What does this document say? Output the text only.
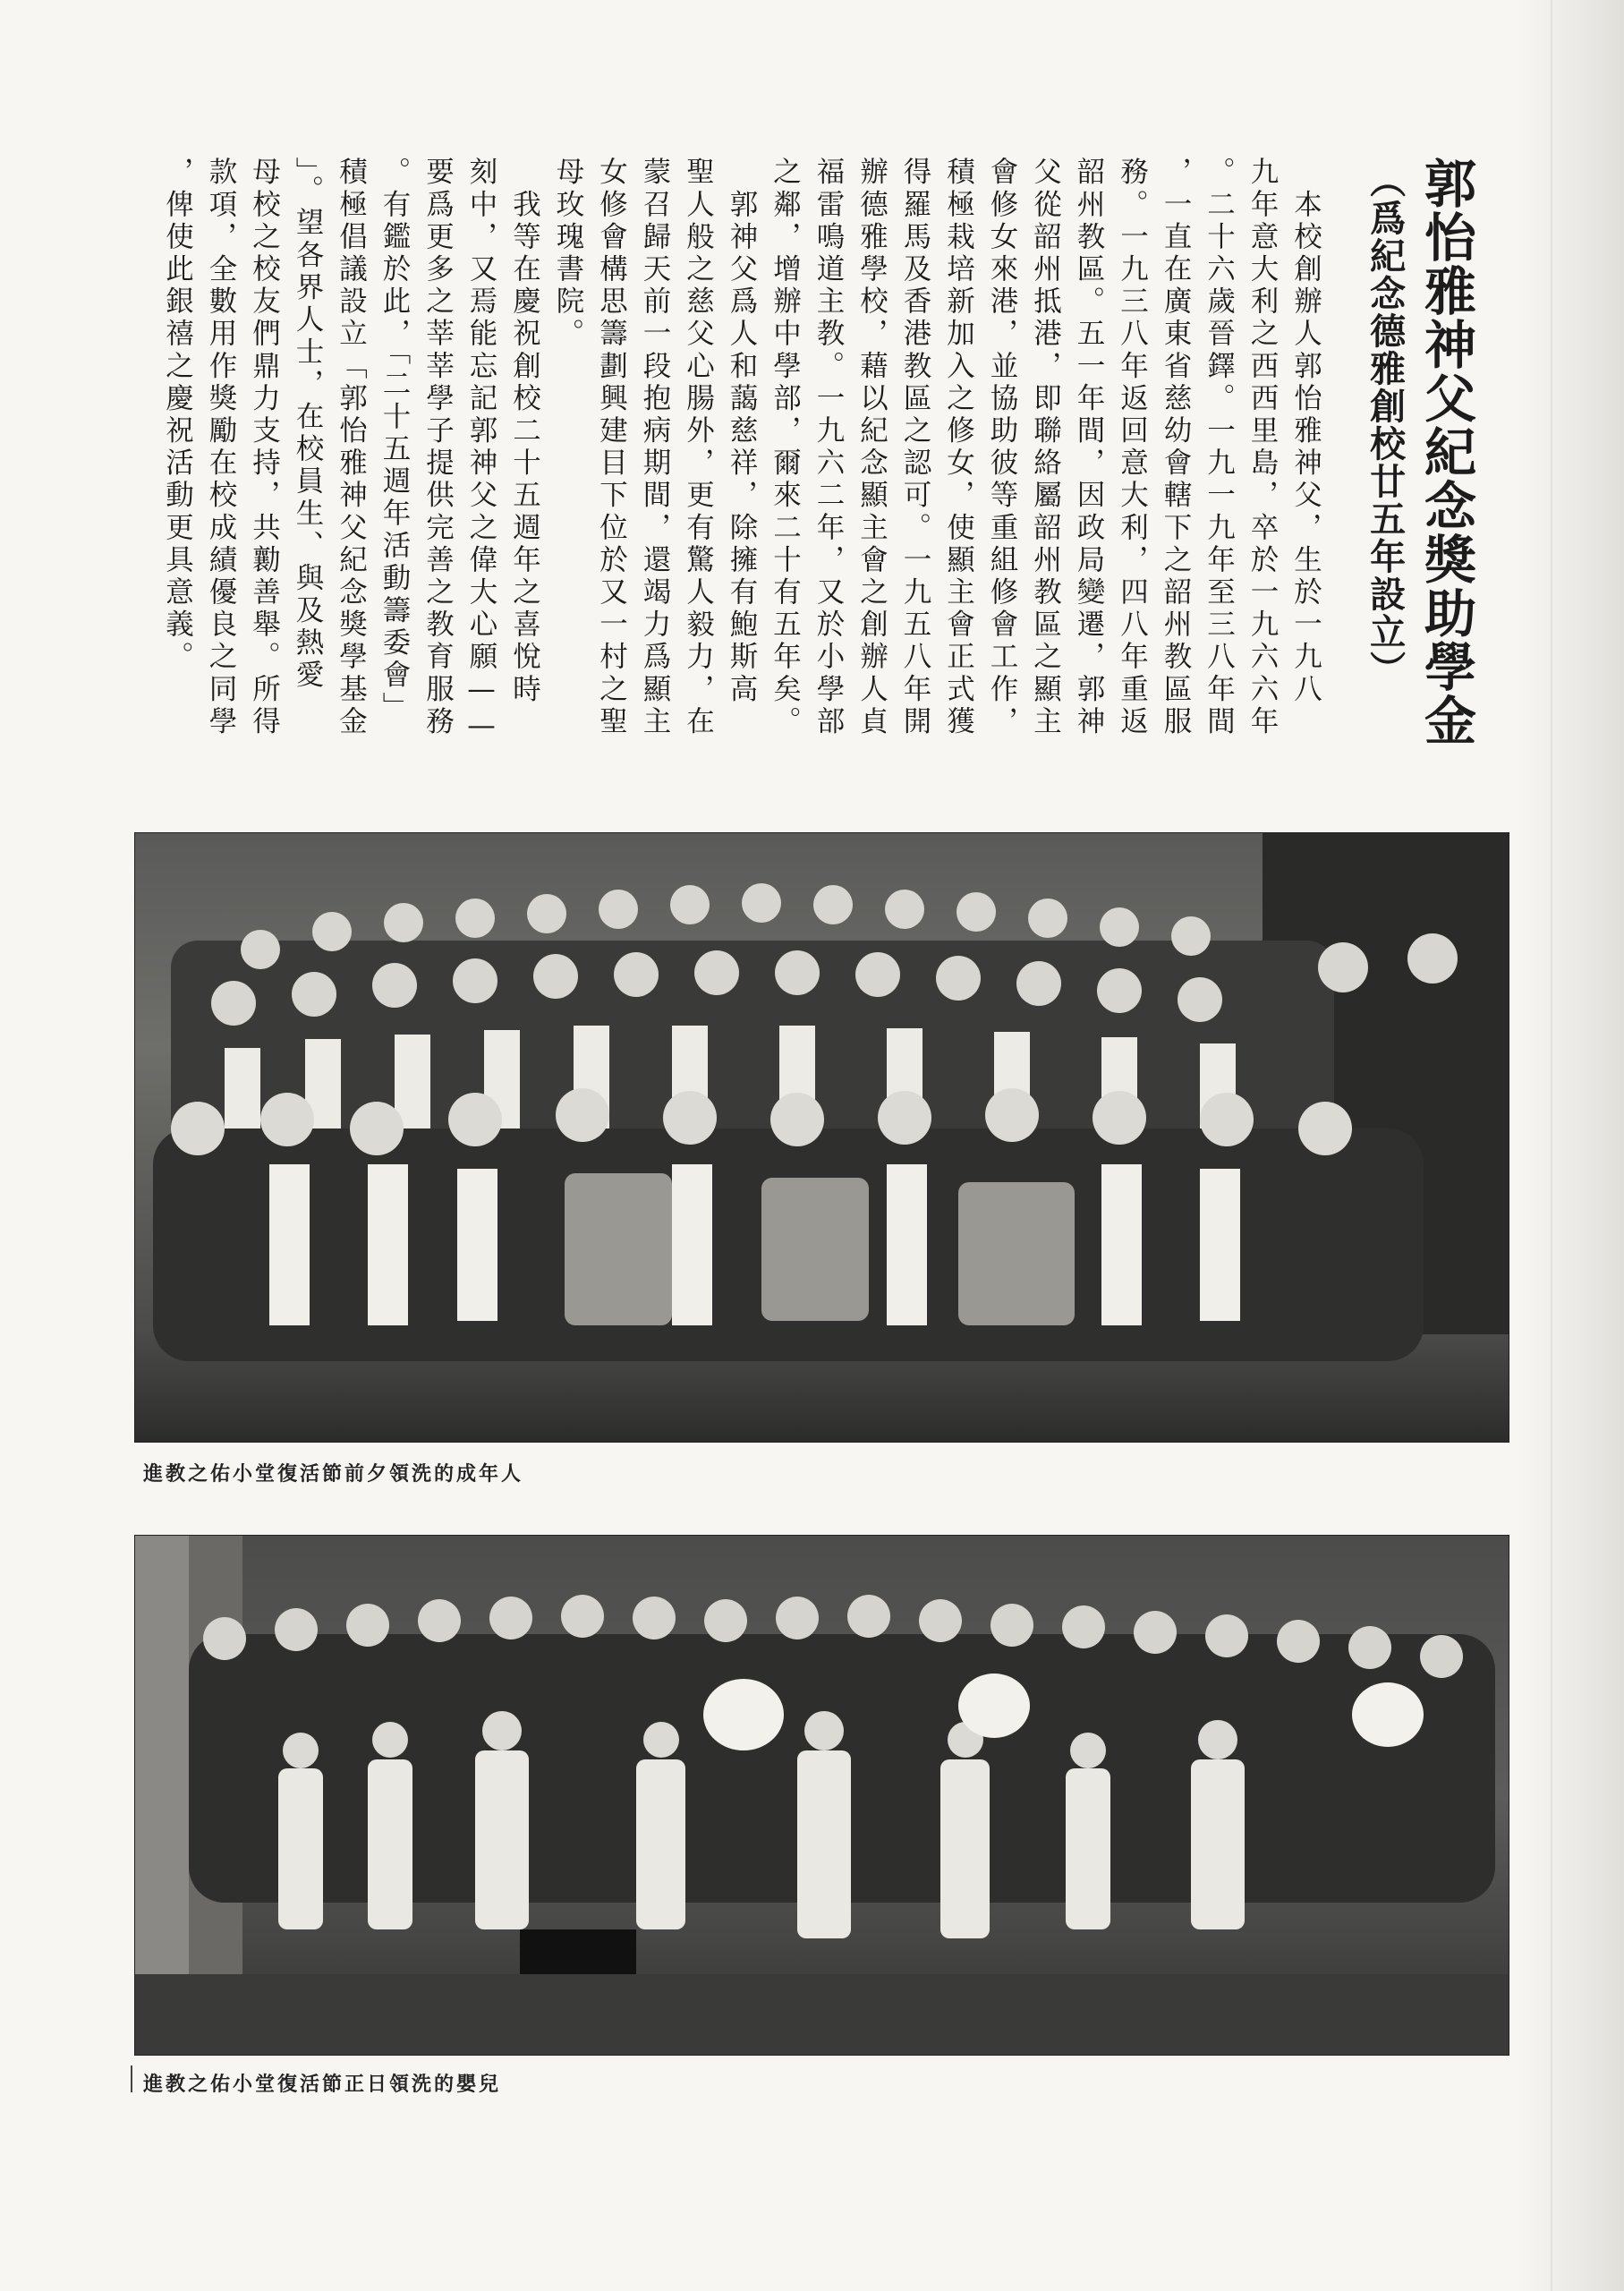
郭怡雅神父紀念獎助學金
（爲紀念德雅創校廿五年設立）
　本校創辦人郭怡雅神父，生於一九八
九年意大利之西西里島，卒於一九六六年
。二十六歲晉鐸。一九一九年至三八年間
，一直在廣東省慈幼會轄下之韶州教區服
務。一九三八年返回意大利，四八年重返
韶州教區。五一年間，因政局變遷，郭神
父從韶州抵港，即聯絡屬韶州教區之顯主
會修女來港，並協助彼等重組修會工作，
積極栽培新加入之修女，使顯主會正式獲
得羅馬及香港教區之認可。一九五八年開
辦德雅學校，藉以紀念顯主會之創辦人貞
福雷鳴道主教。一九六二年，又於小學部
之鄰，增辦中學部，爾來二十有五年矣。
　郭神父爲人和藹慈祥，除擁有鮑斯高
聖人般之慈父心腸外，更有驚人毅力，在
蒙召歸天前一段抱病期間，還竭力爲顯主
女修會構思籌劃興建目下位於又一村之聖
母玫瑰書院。
　我等在慶祝創校二十五週年之喜悅時
刻中，又焉能忘記郭神父之偉大心願——
要爲更多之莘莘學子提供完善之教育服務
。有鑑於此，「二十五週年活動籌委會」
積極倡議設立「郭怡雅神父紀念獎學基金
」。望各界人士，在校員生、與及熱愛
母校之校友們鼎力支持，共勷善舉。所得
款項，全數用作獎勵在校成績優良之同學
，俾使此銀禧之慶祝活動更具意義。
進教之佑小堂復活節前夕領洗的成年人
進教之佑小堂復活節正日領洗的嬰兒
